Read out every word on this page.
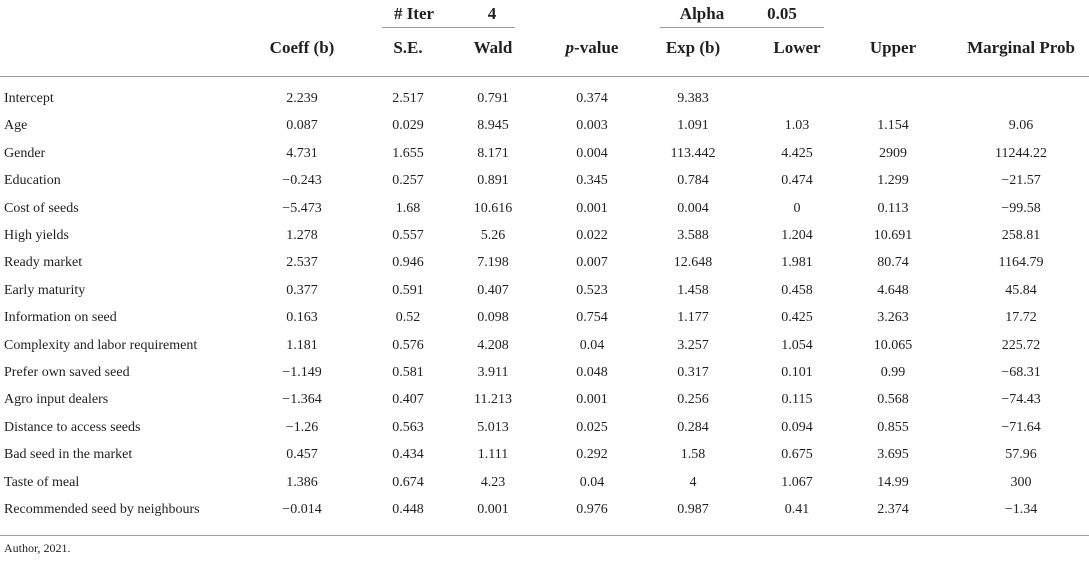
# Iter	4	Alpha	0.05
Coeff (b)	S.E.	Wald	p-value	Exp (b)	Lower	Upper	Marginal Prob
Intercept	2.239	2.517	0.791	0.374	9.383
Age	0.087	0.029	8.945	0.003	1.091	1.03	1.154	9.06
Gender	4.731	1.655	8.171	0.004	113.442	4.425	2909	11244.22
Education	−0.243	0.257	0.891	0.345	0.784	0.474	1.299	−21.57
Cost of seeds	−5.473	1.68	10.616	0.001	0.004	0	0.113	−99.58
High yields	1.278	0.557	5.26	0.022	3.588	1.204	10.691	258.81
Ready market	2.537	0.946	7.198	0.007	12.648	1.981	80.74	1164.79
Early maturity	0.377	0.591	0.407	0.523	1.458	0.458	4.648	45.84
Information on seed	0.163	0.52	0.098	0.754	1.177	0.425	3.263	17.72
Complexity and labor requirement	1.181	0.576	4.208	0.04	3.257	1.054	10.065	225.72
Prefer own saved seed	−1.149	0.581	3.911	0.048	0.317	0.101	0.99	−68.31
Agro input dealers	−1.364	0.407	11.213	0.001	0.256	0.115	0.568	−74.43
Distance to access seeds	−1.26	0.563	5.013	0.025	0.284	0.094	0.855	−71.64
Bad seed in the market	0.457	0.434	1.111	0.292	1.58	0.675	3.695	57.96
Taste of meal	1.386	0.674	4.23	0.04	4	1.067	14.99	300
Recommended seed by neighbours	−0.014	0.448	0.001	0.976	0.987	0.41	2.374	−1.34
Author, 2021.
